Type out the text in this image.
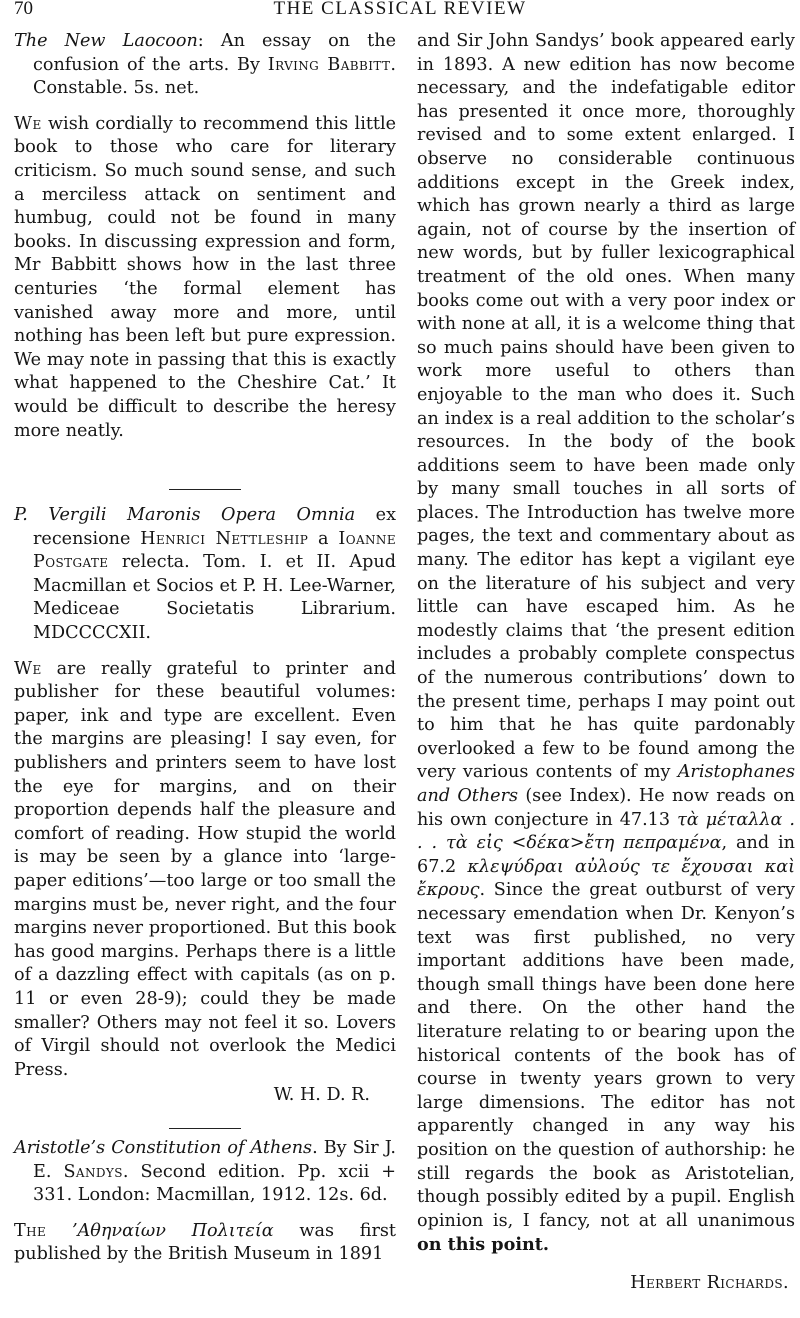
70	THE CLASSICAL REVIEW

The New Laocoon: An essay on the confusion of the arts. By Irving Babbitt. Constable. 5s. net.

We wish cordially to recommend this little book to those who care for literary criticism. So much sound sense, and such a merciless attack on sentiment and humbug, could not be found in many books. In discussing expression and form, Mr Babbitt shows how in the last three centuries ‘the formal element has vanished away more and more, until nothing has been left but pure expression. We may note in passing that this is exactly what happened to the Cheshire Cat.’ It would be difficult to describe the heresy more neatly.

P. Vergili Maronis Opera Omnia ex recensione Henrici Nettleship a Ioanne Postgate relecta. Tom. I. et II. Apud Macmillan et Socios et P. H. Lee-Warner, Mediceae Societatis Librarium. MDCCCCXII.

We are really grateful to printer and publisher for these beautiful volumes: paper, ink and type are excellent. Even the margins are pleasing! I say even, for publishers and printers seem to have lost the eye for margins, and on their proportion depends half the pleasure and comfort of reading. How stupid the world is may be seen by a glance into ‘large-paper editions’—too large or too small the margins must be, never right, and the four margins never proportioned. But this book has good margins. Perhaps there is a little of a dazzling effect with capitals (as on p. 11 or even 28-9); could they be made smaller? Others may not feel it so. Lovers of Virgil should not overlook the Medici Press.

W. H. D. R.

Aristotle’s Constitution of Athens. By Sir J. E. Sandys. Second edition. Pp. xcii + 331. London: Macmillan, 1912. 12s. 6d.

The ’Αθηναίων Πολιτεία was first published by the British Museum in 1891

and Sir John Sandys’ book appeared early in 1893. A new edition has now become necessary, and the indefatigable editor has presented it once more, thoroughly revised and to some extent enlarged. I observe no considerable continuous additions except in the Greek index, which has grown nearly a third as large again, not of course by the insertion of new words, but by fuller lexicographical treatment of the old ones. When many books come out with a very poor index or with none at all, it is a welcome thing that so much pains should have been given to work more useful to others than enjoyable to the man who does it. Such an index is a real addition to the scholar’s resources. In the body of the book additions seem to have been made only by many small touches in all sorts of places. The Introduction has twelve more pages, the text and commentary about as many. The editor has kept a vigilant eye on the literature of his subject and very little can have escaped him. As he modestly claims that ‘the present edition includes a probably complete conspectus of the numerous contributions’ down to the present time, perhaps I may point out to him that he has quite pardonably overlooked a few to be found among the very various contents of my Aristophanes and Others (see Index). He now reads on his own conjecture in 47.13 τὰ μέταλλα . . . τὰ εἰς <δέκα>ἔτη πεπραμένα, and in 67.2 κλεψύδραι αὐλούς τε ἔχουσαι καὶ ἔκρους. Since the great outburst of very necessary emendation when Dr. Kenyon’s text was first published, no very important additions have been made, though small things have been done here and there. On the other hand the literature relating to or bearing upon the historical contents of the book has of course in twenty years grown to very large dimensions. The editor has not apparently changed in any way his position on the question of authorship: he still regards the book as Aristotelian, though possibly edited by a pupil. English opinion is, I fancy, not at all unanimous on this point.

Herbert Richards.
